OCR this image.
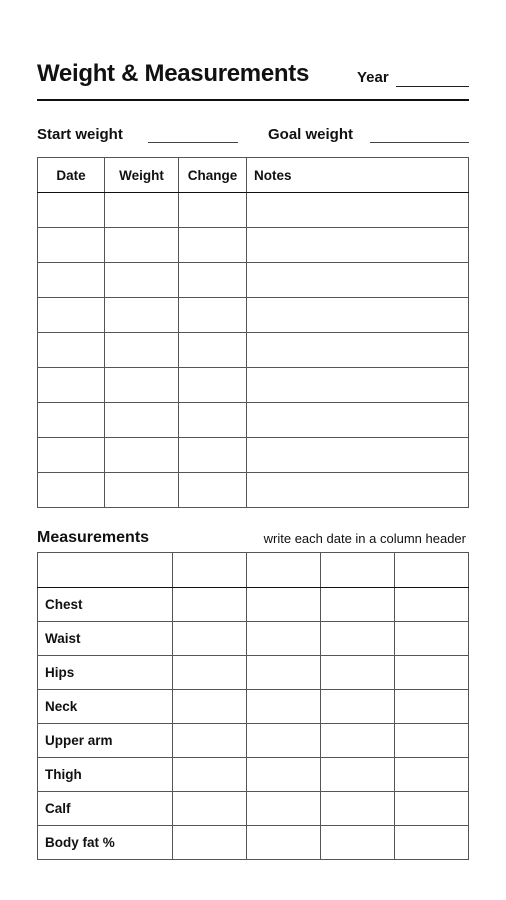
Weight & Measurements	Year
Start weight	Goal weight
Date	Weight	Change	Notes

Measurements	write each date in a column header

Chest				
Waist				
Hips				
Neck				
Upper arm				
Thigh				
Calf				
Body fat %				
